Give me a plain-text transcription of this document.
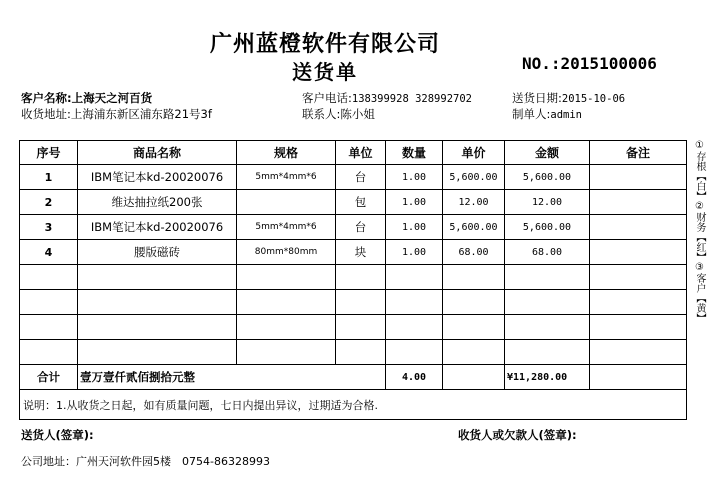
广州蓝橙软件有限公司
送货单	NO.:2015100006
客户名称:上海天之河百货	客户电话:138399928 328992702	送货日期:2015-10-06
收货地址:上海浦东新区浦东路21号3f	联系人:陈小姐	制单人:admin
序号	商品名称	规格	单位	数量	单价	金额	备注
1	IBM笔记本kd-20020076	5mm*4mm*6	台	1.00	5,600.00	5,600.00	
2	维达抽拉纸200张		包	1.00	12.00	12.00	
3	IBM笔记本kd-20020076	5mm*4mm*6	台	1.00	5,600.00	5,600.00	
4	腰版磁砖	80mm*80mm	块	1.00	68.00	68.00	

合计	壹万壹仟贰佰捌拾元整			4.00		¥11,280.00	
说明：1.从收货之日起，如有质量问题，七日内提出异议，过期适为合格.							
①存根【白】②财务【红】③客户【黄】
送货人(签章):	收货人或欠款人(签章):
公司地址：广州天河软件园5楼　0754-86328993
